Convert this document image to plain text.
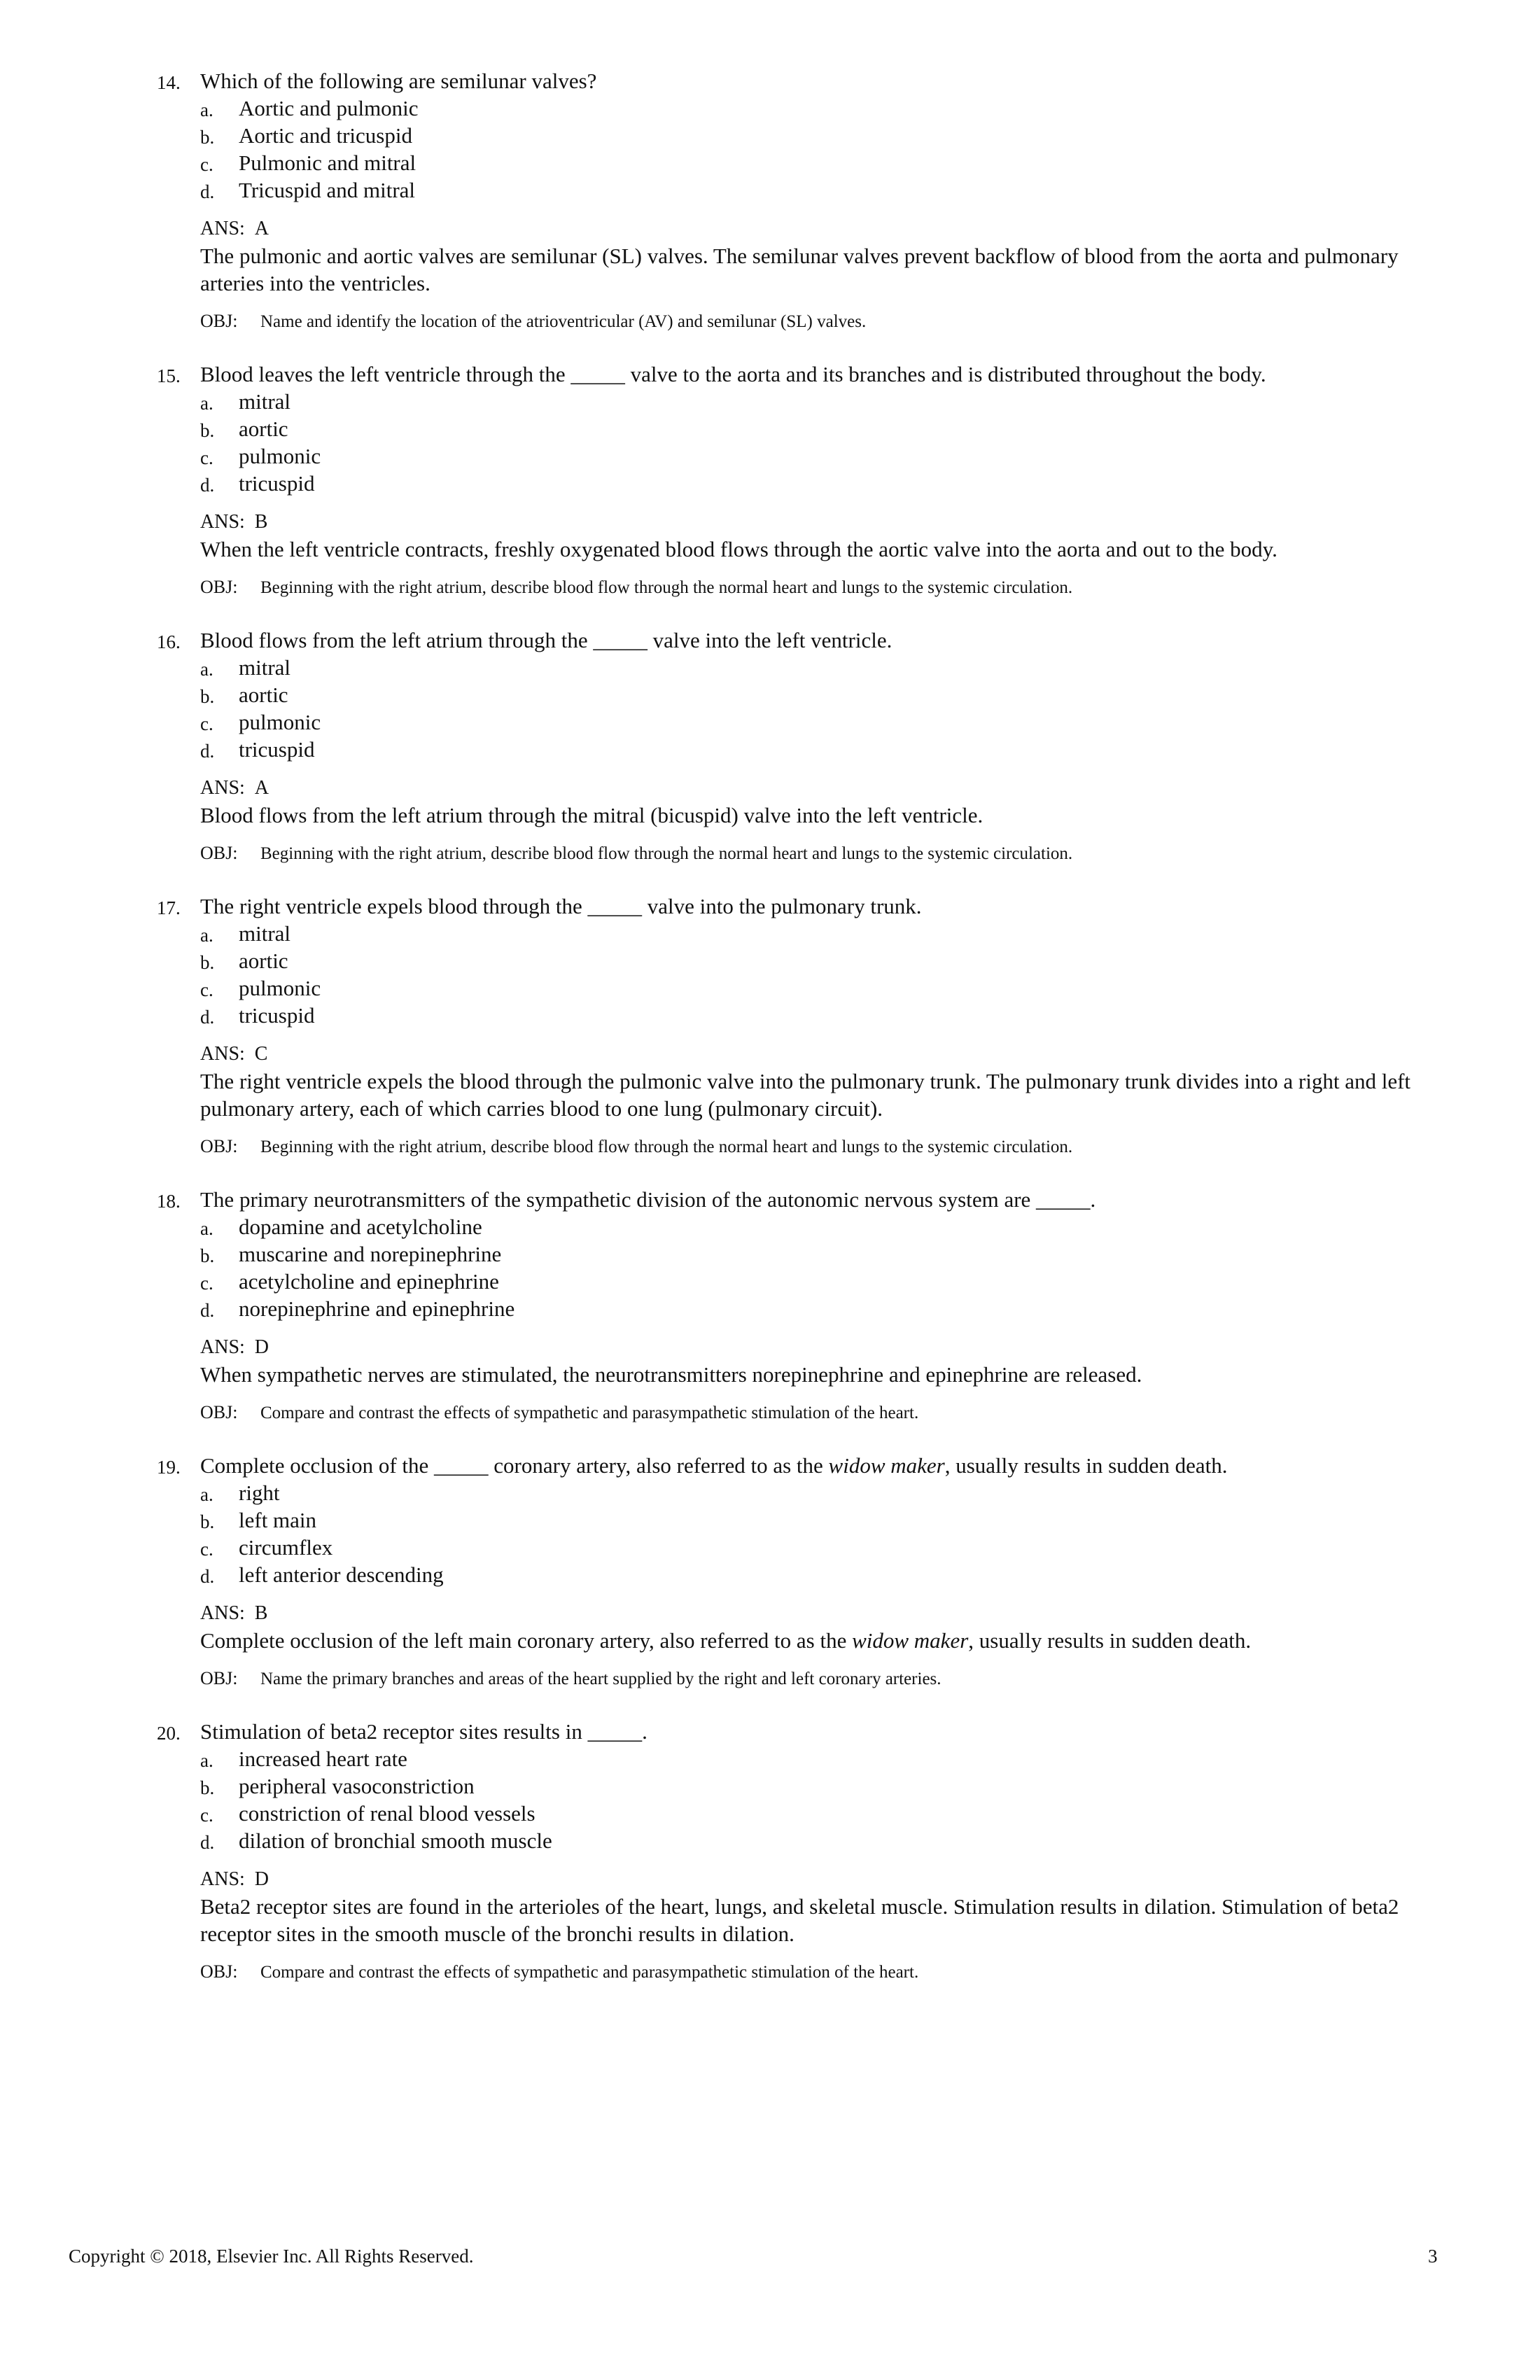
14. Which of the following are semilunar valves?
a. Aortic and pulmonic
b. Aortic and tricuspid
c. Pulmonic and mitral
d. Tricuspid and mitral
ANS: A
The pulmonic and aortic valves are semilunar (SL) valves. The semilunar valves prevent backflow of blood from the aorta and pulmonary arteries into the ventricles.
OBJ: Name and identify the location of the atrioventricular (AV) and semilunar (SL) valves.
15. Blood leaves the left ventricle through the _____ valve to the aorta and its branches and is distributed throughout the body.
a. mitral
b. aortic
c. pulmonic
d. tricuspid
ANS: B
When the left ventricle contracts, freshly oxygenated blood flows through the aortic valve into the aorta and out to the body.
OBJ: Beginning with the right atrium, describe blood flow through the normal heart and lungs to the systemic circulation.
16. Blood flows from the left atrium through the _____ valve into the left ventricle.
a. mitral
b. aortic
c. pulmonic
d. tricuspid
ANS: A
Blood flows from the left atrium through the mitral (bicuspid) valve into the left ventricle.
OBJ: Beginning with the right atrium, describe blood flow through the normal heart and lungs to the systemic circulation.
17. The right ventricle expels blood through the _____ valve into the pulmonary trunk.
a. mitral
b. aortic
c. pulmonic
d. tricuspid
ANS: C
The right ventricle expels the blood through the pulmonic valve into the pulmonary trunk. The pulmonary trunk divides into a right and left pulmonary artery, each of which carries blood to one lung (pulmonary circuit).
OBJ: Beginning with the right atrium, describe blood flow through the normal heart and lungs to the systemic circulation.
18. The primary neurotransmitters of the sympathetic division of the autonomic nervous system are _____.
a. dopamine and acetylcholine
b. muscarine and norepinephrine
c. acetylcholine and epinephrine
d. norepinephrine and epinephrine
ANS: D
When sympathetic nerves are stimulated, the neurotransmitters norepinephrine and epinephrine are released.
OBJ: Compare and contrast the effects of sympathetic and parasympathetic stimulation of the heart.
19. Complete occlusion of the _____ coronary artery, also referred to as the widow maker, usually results in sudden death.
a. right
b. left main
c. circumflex
d. left anterior descending
ANS: B
Complete occlusion of the left main coronary artery, also referred to as the widow maker, usually results in sudden death.
OBJ: Name the primary branches and areas of the heart supplied by the right and left coronary arteries.
20. Stimulation of beta2 receptor sites results in _____.
a. increased heart rate
b. peripheral vasoconstriction
c. constriction of renal blood vessels
d. dilation of bronchial smooth muscle
ANS: D
Beta2 receptor sites are found in the arterioles of the heart, lungs, and skeletal muscle. Stimulation results in dilation. Stimulation of beta2 receptor sites in the smooth muscle of the bronchi results in dilation.
OBJ: Compare and contrast the effects of sympathetic and parasympathetic stimulation of the heart.
Copyright © 2018, Elsevier Inc. All Rights Reserved.	3
